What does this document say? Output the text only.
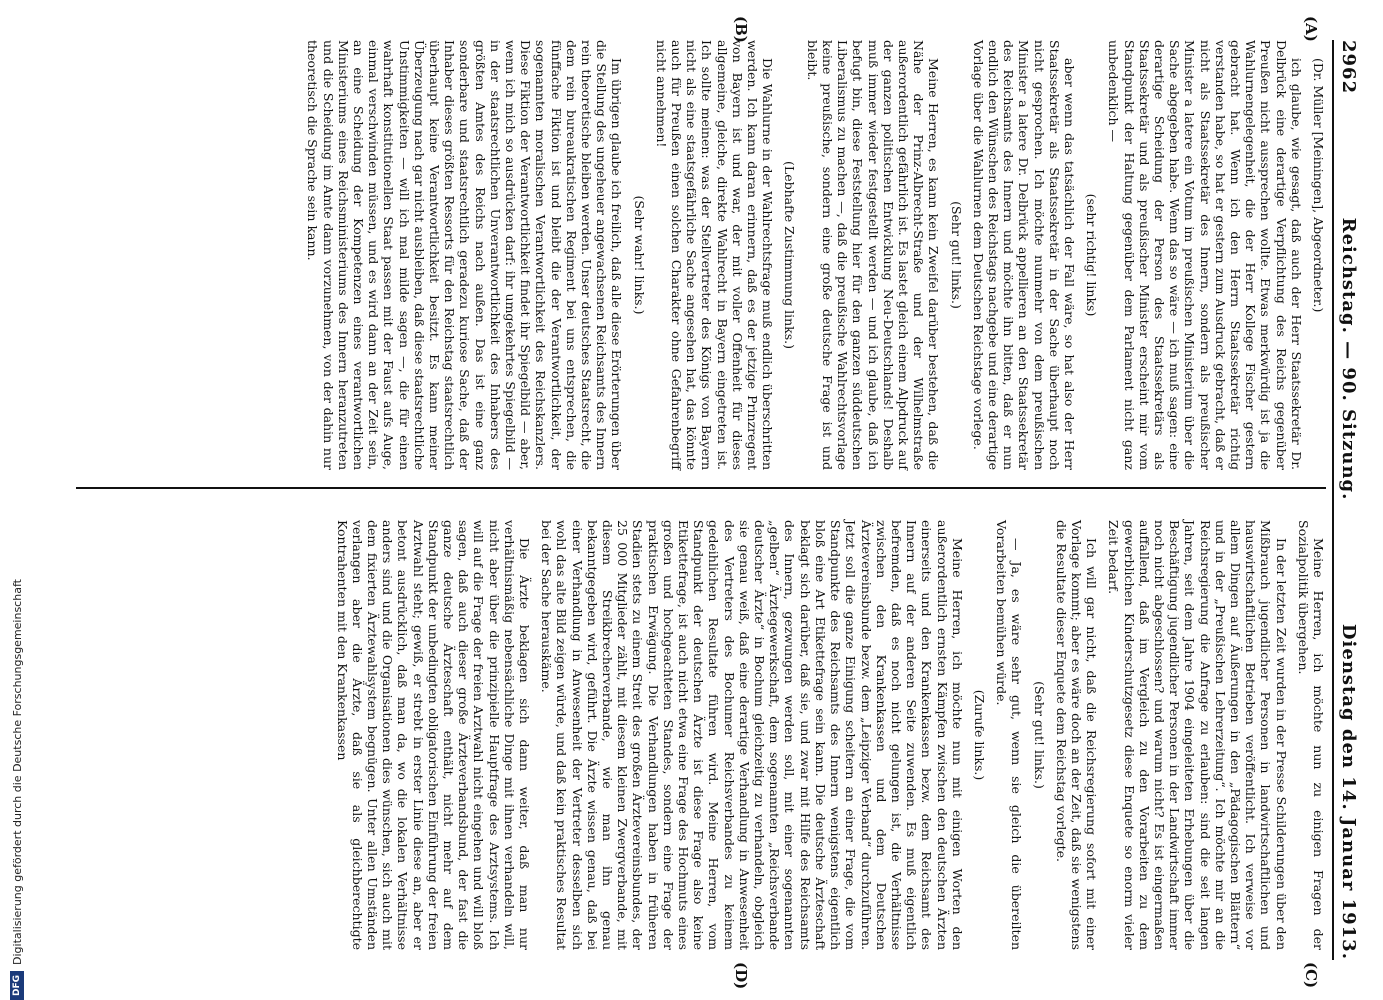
2962
Reichstag. — 90. Sitzung.
Dienstag den 14. Januar 1913.

(Dr. Müller [Meiningen], Abgeordneter.)

ich glaube, wie gesagt, daß auch der Herr Staatssekretär Dr. Delbrück eine derartige Verpflichtung des Reichs gegenüber Preußen nicht aussprechen wollte. Etwas merkwürdig ist ja die Wahlurnengelegenheit, die der Herr Kollege Fischer gestern gebracht hat. Wenn ich den Herrn Staatssekretär richtig verstanden habe, so hat er gestern zum Ausdruck gebracht, daß er nicht als Staatssekretär des Innern, sondern als preußischer Minister a latere ein Votum im preußischen Ministerium über die Sache abgegeben habe. Wenn das so wäre — ich muß sagen: eine derartige Scheidung der Person des Staatssekretärs als Staatssekretär und als preußischer Minister erscheint mir vom Standpunkt der Haltung gegenüber dem Parlament nicht ganz unbedenklich —

(sehr richtig! links)

aber wenn das tatsächlich der Fall wäre, so hat also der Herr Staatssekretär als Staatssekretär in der Sache überhaupt noch nicht gesprochen. Ich möchte nunmehr von dem preußischen Minister a latere Dr. Delbrück appellieren an den Staatssekretär des Reichsamts des Innern und möchte ihn bitten, daß er nun endlich den Wünschen des Reichstags nachgebe und eine derartige Vorlage über die Wahlurnen dem Deutschen Reichstage vorlege.

(Sehr gut! links.)

Meine Herren, es kann kein Zweifel darüber bestehen, daß die Nähe der Prinz-Albrecht-Straße und der Wilhelmstraße außerordentlich gefährlich ist. Es lastet gleich einem Alpdruck auf der ganzen politischen Entwicklung Neu-Deutschlands! Deshalb muß immer wieder festgestellt werden — und ich glaube, daß ich befugt bin, diese Feststellung hier für den ganzen süddeutschen Liberalismus zu machen —, daß die preußische Wahlrechtsvorlage keine preußische, sondern eine große deutsche Frage ist und bleibt.

(Lebhafte Zustimmung links.)

Die Wahlurne in der Wahlrechtsfrage muß endlich überschritten werden. Ich kann daran erinnern, daß es der jetzige Prinzregent von Bayern ist und war, der mit voller Offenheit für dieses allgemeine, gleiche, direkte Wahlrecht in Bayern eingetreten ist. Ich sollte meinen: was der Stellvertreter des Königs von Bayern nicht als eine staatsgefährliche Sache angesehen hat, das könnte auch für Preußen einen solchen Charakter ohne Gefahrenbegriff nicht annehmen!

(Sehr wahr! links.)

Im übrigen glaube ich freilich, daß alle diese Erörterungen über die Stellung des ungeheuer angewachsenen Reichsamts des Innern rein theoretische bleiben werden. Unser deutsches Staatsrecht, die dem rein bureaukratischen Regiment bei uns entsprechen, die fünffache Fiktion ist und bleibt die der Verantwortlichkeit, der sogenannten moralischen Verantwortlichkeit des Reichskanzlers. Diese Fiktion der Verantwortlichkeit findet ihr Spiegelbild — aber, wenn ich mich so ausdrücken darf: ihr umgekehrtes Spiegelbild — in der staatsrechtlichen Unverantwortlichkeit des Inhabers des größten Amtes des Reichs nach außen. Das ist eine ganz sonderbare und staatsrechtlich geradezu kuriose Sache, daß der Inhaber dieses größten Ressorts für den Reichstag staatsrechtlich überhaupt keine Verantwortlichkeit besitzt. Es kann meiner Überzeugung nach gar nicht ausbleiben, daß diese staatsrechtliche Unstimmigkeiten — will ich mal milde sagen —, die für einen wahrhaft konstitutionellen Staat passen mit der Faust aufs Auge, einmal verschwinden müssen, und es wird dann an der Zeit sein, an eine Scheidung der Kompetenzen eines verantwortlichen Ministeriums eines Reichsministeriums des Innern heranzutreten und die Scheidung im Amte dann vorzunehmen, von der dahin nur theoretisch die Sprache sein kann.

Meine Herren, ich möchte nun zu einigen Fragen der Sozialpolitik übergehen.

In der letzten Zeit wurden in der Presse Schilderungen über den Mißbrauch jugendlicher Personen in landwirtschaftlichen und hauswirtschaftlichen Betrieben veröffentlicht. Ich verweise vor allem Dingen auf Äußerungen in den „Pädagogischen Blättern“ und in der „Preußischen Lehrerzeitung“. Ich möchte mir an die Reichsregierung die Anfrage zu erlauben: sind die seit langen Jahren, seit dem Jahre 1904 eingeleiteten Erhebungen über die Beschäftigung jugendlicher Personen in der Landwirtschaft immer noch nicht abgeschlossen? und warum nicht? Es ist eingermaßen auffallend, daß im Vergleich zu den Vorarbeiten zu dem gewerblichen Kinderschutzgesetz diese Enquete so enorm vieler Zeit bedarf.

Ich will gar nicht, daß die Reichsregierung sofort mit einer Vorlage kommt; aber es wäre doch an der Zeit, daß sie wenigstens die Resultate dieser Enquete dem Reichstag vorlegte.

(Sehr gut! links.)

— Ja, es wäre sehr gut, wenn sie gleich die übereilten Vorarbeiten bemühen würde.

(Zurufe links.)

Meine Herren, ich möchte nun mit einigen Worten den außerordentlich ernsten Kämpfen zwischen den deutschen Ärzten einerseits und den Krankenkassen bezw. dem Reichsamt des Innern auf der anderen Seite zuwenden. Es muß eigentlich befremden, daß es noch nicht gelungen ist, die Verhältnisse zwischen den Krankenkassen und dem Deutschen Ärztevereinsbunde bezw. dem „Leipziger Verband“ durchzuführen. Jetzt soll die ganze Einigung scheitern an einer Frage, die vom Standpunkte des Reichsamts des Innern wenigstens eigentlich bloß eine Art Etikettefrage sein kann. Die deutsche Ärzteschaft beklagt sich darüber, daß sie, und zwar mit Hilfe des Reichsamts des Innern, gezwungen werden soll, mit einer sogenannten „gelben“ Ärztegewerkschaft, dem sogenannten „Reichsverbande deutscher Ärzte“ in Bochum gleichzeitig zu verhandeln, obgleich sie genau weiß, daß eine derartige Verhandlung in Anwesenheit des Vertreters des Bochumer Reichsverbandes zu keinem gedeihlichen Resultate führen wird. Meine Herren, vom Standpunkt der deutschen Ärzte ist diese Frage also keine Etikettefrage, ist auch nicht etwa eine Frage des Hochmuts eines großen und hochgeachteten Standes, sondern eine Frage der praktischen Erwägung. Die Verhandlungen haben in früheren Stadien stets zu einem Streit des großen Ärztevereinsbundes, der 25 000 Mitglieder zählt, mit diesem kleinen Zwergverbande, mit diesem Streikbrecherverbande, wie man ihn genau bekanntgegeben wird, geführt. Die Ärzte wissen genau, daß bei einer Verhandlung in Anwesenheit der Vertreter desselben sich wohl das alte Bild zeigen würde, und daß kein praktisches Resultat bei der Sache herauskäme.

Die Ärzte beklagen sich dann weiter, daß man nur verhältnismäßig nebensächliche Dinge mit ihnen verhandeln will, nicht aber über die prinzipielle Hauptfrage des Arztsystems. Ich will auf die Frage der freien Arztwahl nicht eingehen und will bloß sagen, daß auch dieser große Ärzteverbandsbund, der fast die ganze deutsche Ärzteschaft enthält, nicht mehr auf dem Standpunkt der unbedingten obligatorischen Einführung der freien Arztwahl steht; gewiß, er strebt in erster Linie diese an, aber er betont ausdrücklich, daß man da, wo die lokalen Verhältnisse anders sind und die Organisationen dies wünschen, sich auch mit dem fixierten Ärztewahlsystem begnügen. Unter allen Umständen verlangen aber die Ärzte, daß sie als gleichberechtigte Kontrahenten mit den Krankenkassen

(A)
(B)
(C)
(D)
DFG
Digitalisierung gefördert durch die Deutsche Forschungsgemeinschaft
